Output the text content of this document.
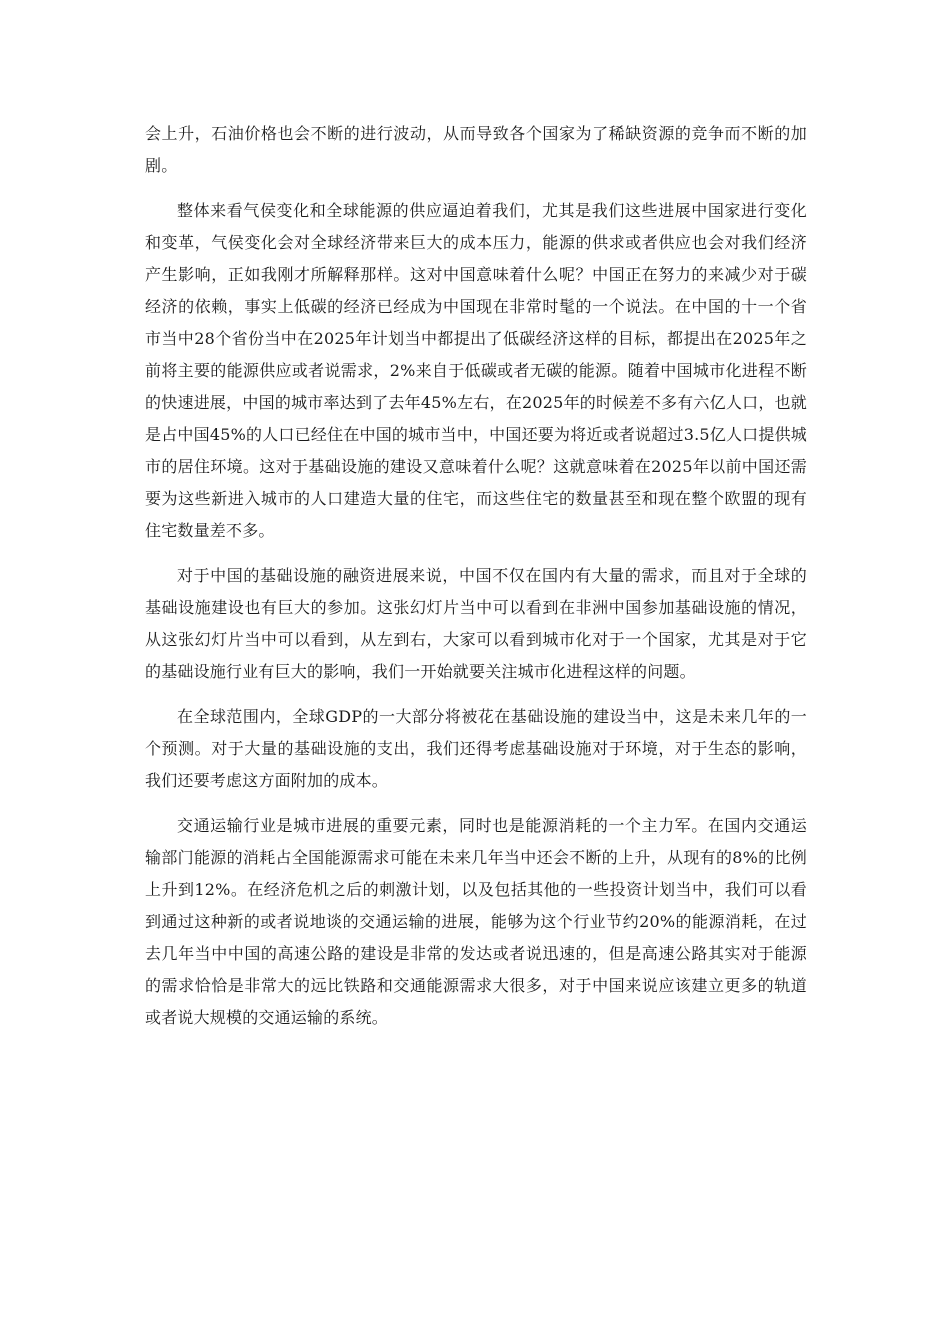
会上升，石油价格也会不断的进行波动，从而导致各个国家为了稀缺资源的竞争而不断的加剧。

整体来看气侯变化和全球能源的供应逼迫着我们，尤其是我们这些进展中国家进行变化和变革，气侯变化会对全球经济带来巨大的成本压力，能源的供求或者供应也会对我们经济产生影响，正如我刚才所解释那样。这对中国意味着什么呢？中国正在努力的来减少对于碳经济的依赖，事实上低碳的经济已经成为中国现在非常时髦的一个说法。在中国的十一个省市当中28个省份当中在2025年计划当中都提出了低碳经济这样的目标，都提出在2025年之前将主要的能源供应或者说需求，2%来自于低碳或者无碳的能源。随着中国城市化进程不断的快速进展，中国的城市率达到了去年45%左右，在2025年的时候差不多有六亿人口，也就是占中国45%的人口已经住在中国的城市当中，中国还要为将近或者说超过3.5亿人口提供城市的居住环境。这对于基础设施的建设又意味着什么呢？这就意味着在2025年以前中国还需要为这些新进入城市的人口建造大量的住宅，而这些住宅的数量甚至和现在整个欧盟的现有住宅数量差不多。

对于中国的基础设施的融资进展来说，中国不仅在国内有大量的需求，而且对于全球的基础设施建设也有巨大的参加。这张幻灯片当中可以看到在非洲中国参加基础设施的情况，从这张幻灯片当中可以看到，从左到右，大家可以看到城市化对于一个国家，尤其是对于它的基础设施行业有巨大的影响，我们一开始就要关注城市化进程这样的问题。

在全球范围内，全球GDP的一大部分将被花在基础设施的建设当中，这是未来几年的一个预测。对于大量的基础设施的支出，我们还得考虑基础设施对于环境，对于生态的影响，我们还要考虑这方面附加的成本。

交通运输行业是城市进展的重要元素，同时也是能源消耗的一个主力军。在国内交通运输部门能源的消耗占全国能源需求可能在未来几年当中还会不断的上升，从现有的8%的比例上升到12%。在经济危机之后的刺激计划，以及包括其他的一些投资计划当中，我们可以看到通过这种新的或者说地谈的交通运输的进展，能够为这个行业节约20%的能源消耗，在过去几年当中中国的高速公路的建设是非常的发达或者说迅速的，但是高速公路其实对于能源的需求恰恰是非常大的远比铁路和交通能源需求大很多，对于中国来说应该建立更多的轨道或者说大规模的交通运输的系统。
